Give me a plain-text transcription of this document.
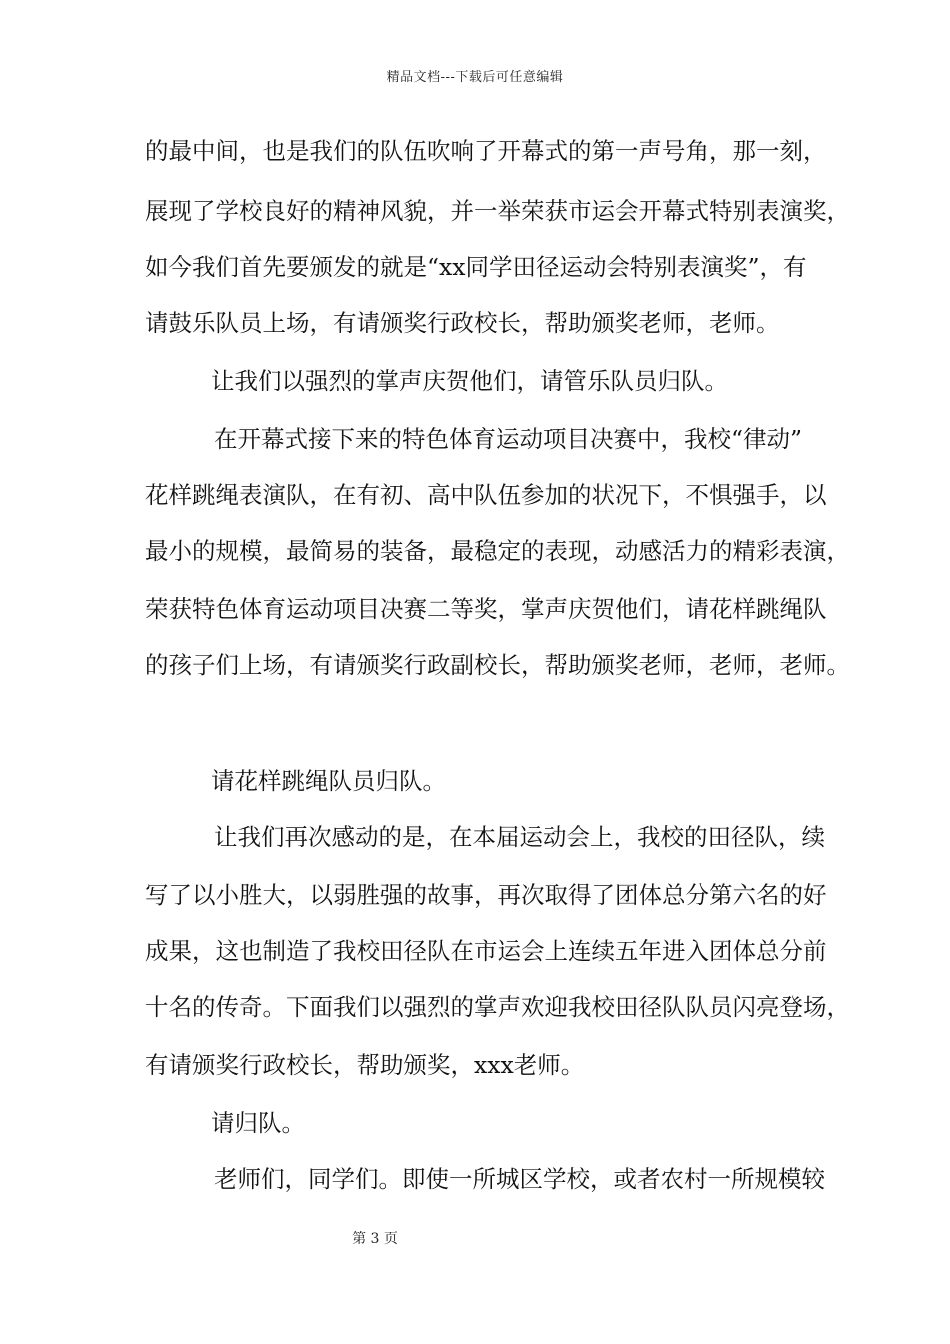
精品文档---下载后可任意编辑
的最中间，也是我们的队伍吹响了开幕式的第一声号角，那一刻，
展现了学校良好的精神风貌，并一举荣获市运会开幕式特别表演奖，
如今我们首先要颁发的就是“xx同学田径运动会特别表演奖”，有
请鼓乐队员上场，有请颁奖行政校长，帮助颁奖老师，老师。
让我们以强烈的掌声庆贺他们，请管乐队员归队。
在开幕式接下来的特色体育运动项目决赛中，我校“律动”
花样跳绳表演队，在有初、高中队伍参加的状况下，不惧强手，以
最小的规模，最简易的装备，最稳定的表现，动感活力的精彩表演，
荣获特色体育运动项目决赛二等奖，掌声庆贺他们，请花样跳绳队
的孩子们上场，有请颁奖行政副校长，帮助颁奖老师，老师，老师。
请花样跳绳队员归队。
让我们再次感动的是，在本届运动会上，我校的田径队，续
写了以小胜大，以弱胜强的故事，再次取得了团体总分第六名的好
成果，这也制造了我校田径队在市运会上连续五年进入团体总分前
十名的传奇。下面我们以强烈的掌声欢迎我校田径队队员闪亮登场，
有请颁奖行政校长，帮助颁奖，xxx老师。
请归队。
老师们，同学们。即使一所城区学校，或者农村一所规模较
第 3 页
